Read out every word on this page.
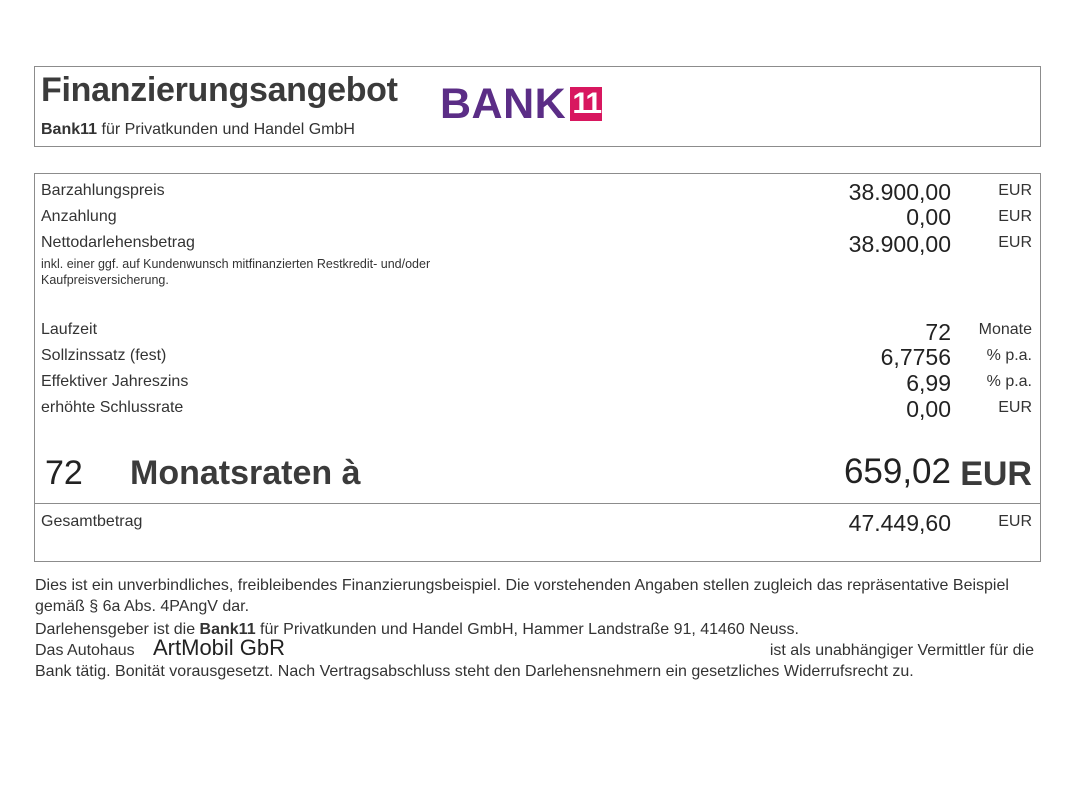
Finanzierungsangebot
Bank11 für Privatkunden und Handel GmbH
BANK 11
Barzahlungspreis	38.900,00	EUR
Anzahlung	0,00	EUR
Nettodarlehensbetrag	38.900,00	EUR
inkl. einer ggf. auf Kundenwunsch mitfinanzierten Restkredit- und/oder Kaufpreisversicherung.
Laufzeit	72 Monate
Sollzinssatz (fest)	6,7756 % p.a.
Effektiver Jahreszins	6,99 % p.a.
erhöhte Schlussrate	0,00	EUR
72 Monatsraten à	659,02 EUR
Gesamtbetrag	47.449,60	EUR

Dies ist ein unverbindliches, freibleibendes Finanzierungsbeispiel. Die vorstehenden Angaben stellen zugleich das repräsentative Beispiel gemäß § 6a Abs. 4PAngV dar.

Darlehensgeber ist die Bank11 für Privatkunden und Handel GmbH, Hammer Landstraße 91, 41460 Neuss.

Das Autohaus ArtMobil GbR	ist als unabhängiger Vermittler für die

Bank tätig. Bonität vorausgesetzt. Nach Vertragsabschluss steht den Darlehensnehmern ein gesetzliches Widerrufsrecht zu.
